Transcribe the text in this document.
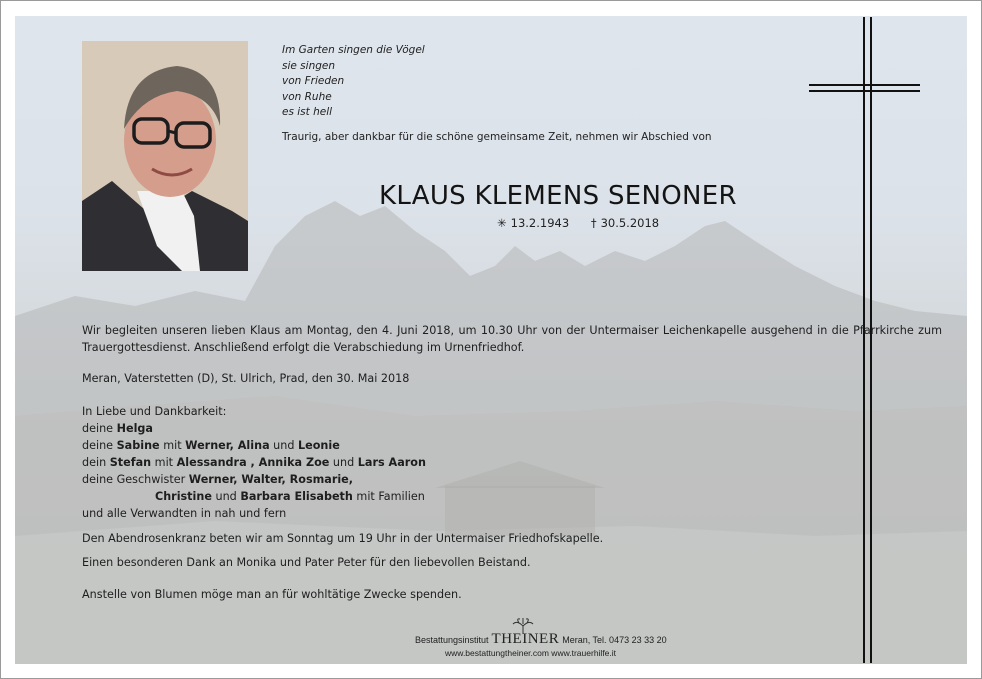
Im Garten singen die Vögel
sie singen
von Frieden
von Ruhe
es ist hell
Traurig, aber dankbar für die schöne gemeinsame Zeit, nehmen wir Abschied von
KLAUS KLEMENS SENONER
✳ 13.2.1943 † 30.5.2018
Wir begleiten unseren lieben Klaus am Montag, den 4. Juni 2018, um 10.30 Uhr von der Untermaiser Leichenkapelle ausgehend in die Pfarrkirche zum Trauergottesdienst. Anschließend erfolgt die Verabschiedung im Urnenfriedhof.
Meran, Vaterstetten (D), St. Ulrich, Prad, den 30. Mai 2018
In Liebe und Dankbarkeit:
deine Helga
deine Sabine mit Werner, Alina und Leonie
dein Stefan mit Alessandra , Annika Zoe und Lars Aaron
deine Geschwister Werner, Walter, Rosmarie,
Christine und Barbara Elisabeth mit Familien
und alle Verwandten in nah und fern
Den Abendrosenkranz beten wir am Sonntag um 19 Uhr in der Untermaiser Friedhofskapelle.
Einen besonderen Dank an Monika und Pater Peter für den liebevollen Beistand.
Anstelle von Blumen möge man an für wohltätige Zwecke spenden.
Bestattungsinstitut THEINER Meran, Tel. 0473 23 33 20
www.bestattungtheiner.com www.trauerhilfe.it
